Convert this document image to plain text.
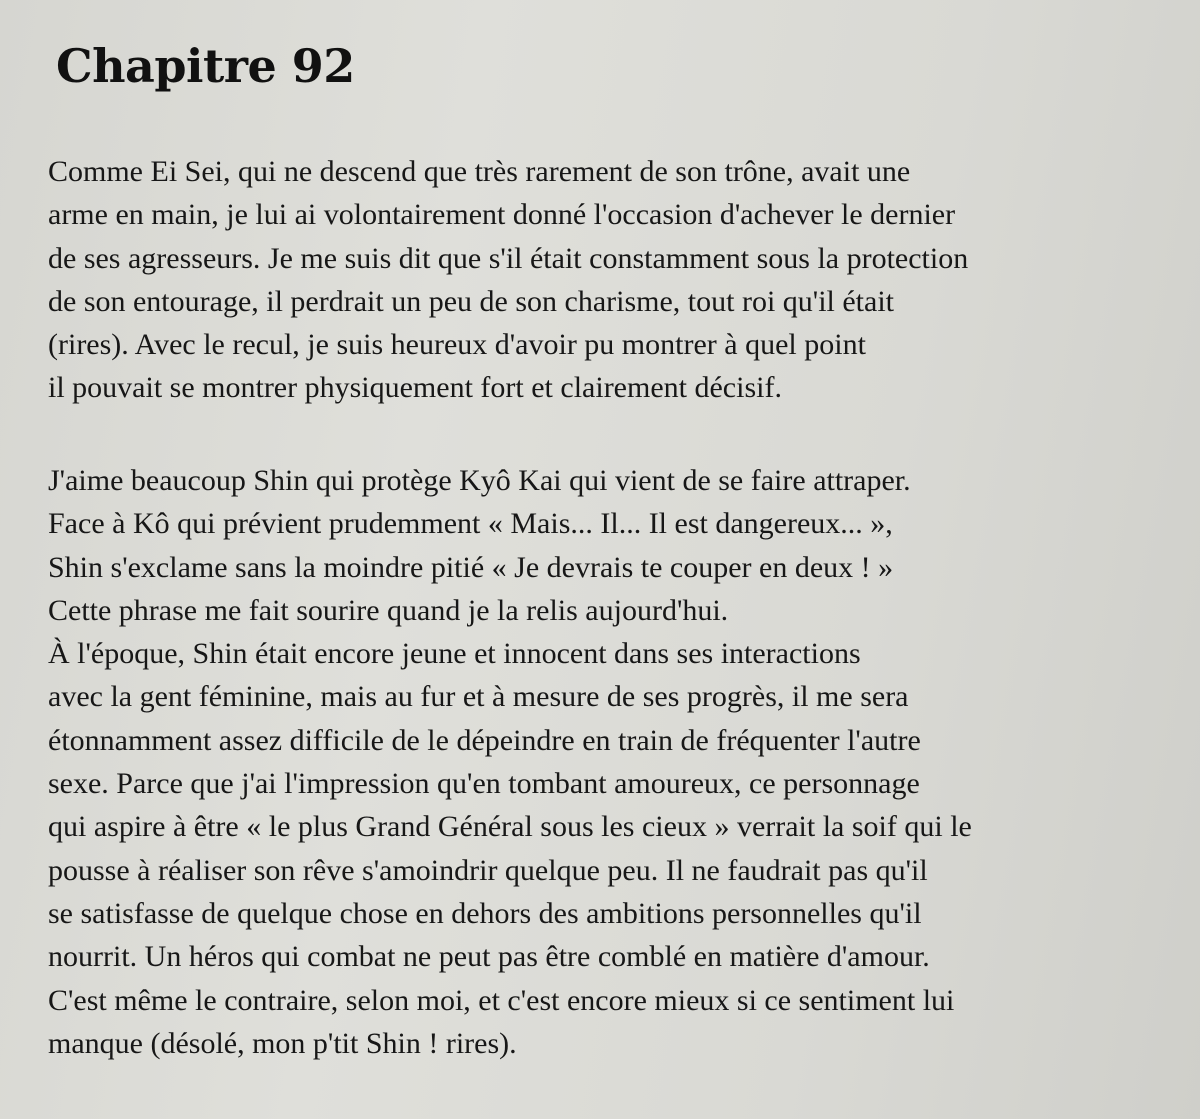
Chapitre 92
Comme Ei Sei, qui ne descend que très rarement de son trône, avait une
arme en main, je lui ai volontairement donné l'occasion d'achever le dernier
de ses agresseurs. Je me suis dit que s'il était constamment sous la protection
de son entourage, il perdrait un peu de son charisme, tout roi qu'il était
(rires). Avec le recul, je suis heureux d'avoir pu montrer à quel point
il pouvait se montrer physiquement fort et clairement décisif.
J'aime beaucoup Shin qui protège Kyô Kai qui vient de se faire attraper.
Face à Kô qui prévient prudemment « Mais... Il... Il est dangereux... »,
Shin s'exclame sans la moindre pitié « Je devrais te couper en deux ! »
Cette phrase me fait sourire quand je la relis aujourd'hui.
À l'époque, Shin était encore jeune et innocent dans ses interactions
avec la gent féminine, mais au fur et à mesure de ses progrès, il me sera
étonnamment assez difficile de le dépeindre en train de fréquenter l'autre
sexe. Parce que j'ai l'impression qu'en tombant amoureux, ce personnage
qui aspire à être « le plus Grand Général sous les cieux » verrait la soif qui le
pousse à réaliser son rêve s'amoindrir quelque peu. Il ne faudrait pas qu'il
se satisfasse de quelque chose en dehors des ambitions personnelles qu'il
nourrit. Un héros qui combat ne peut pas être comblé en matière d'amour.
C'est même le contraire, selon moi, et c'est encore mieux si ce sentiment lui
manque (désolé, mon p'tit Shin ! rires).
